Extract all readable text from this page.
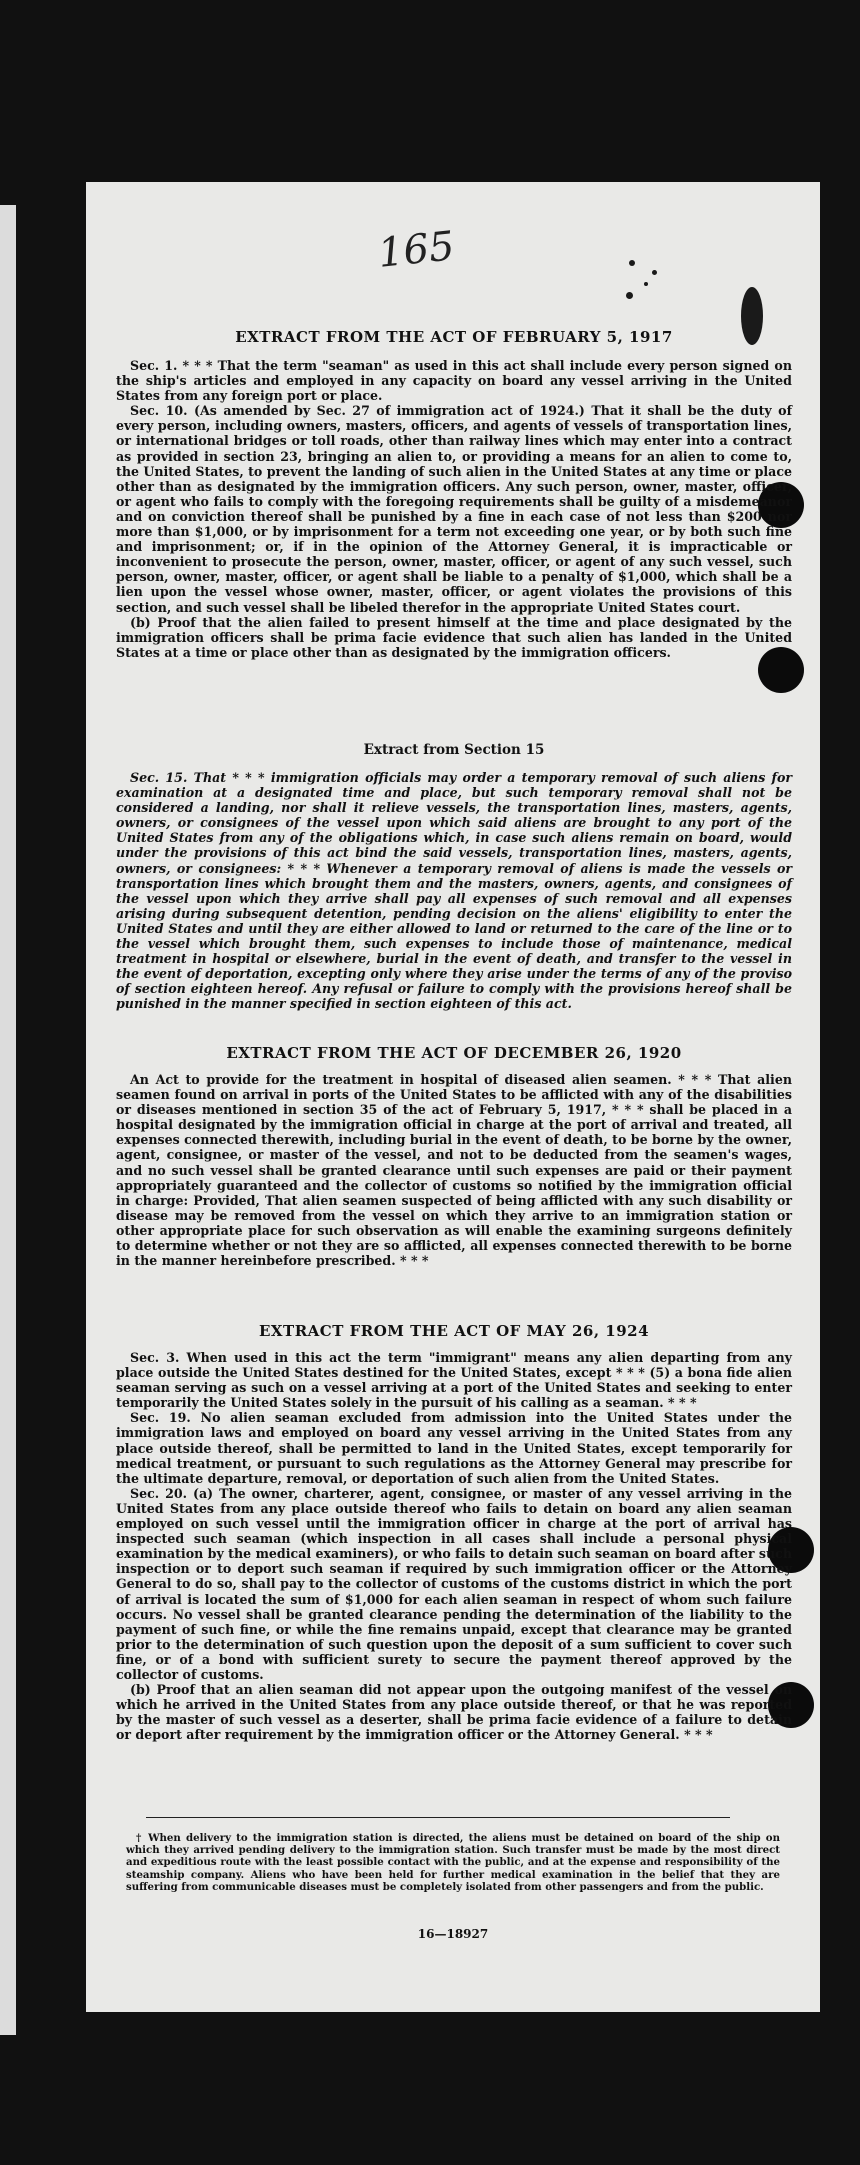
165
EXTRACT FROM THE ACT OF FEBRUARY 5, 1917

Sec. 1. * * * That the term "seaman" as used in this act shall include every person signed on the ship's articles and employed in any capacity on board any vessel arriving in the United States from any foreign port or place.

Sec. 10. (As amended by Sec. 27 of immigration act of 1924.) That it shall be the duty of every person, including owners, masters, officers, and agents of vessels of transportation lines, or international bridges or toll roads, other than railway lines which may enter into a contract as provided in section 23, bringing an alien to, or providing a means for an alien to come to, the United States, to prevent the landing of such alien in the United States at any time or place other than as designated by the immigration officers. Any such person, owner, master, officer, or agent who fails to comply with the foregoing requirements shall be guilty of a misdemeanor and on conviction thereof shall be punished by a fine in each case of not less than $200 nor more than $1,000, or by imprisonment for a term not exceeding one year, or by both such fine and imprisonment; or, if in the opinion of the Attorney General, it is impracticable or inconvenient to prosecute the person, owner, master, officer, or agent of any such vessel, such person, owner, master, officer, or agent shall be liable to a penalty of $1,000, which shall be a lien upon the vessel whose owner, master, officer, or agent violates the provisions of this section, and such vessel shall be libeled therefor in the appropriate United States court.

(b) Proof that the alien failed to present himself at the time and place designated by the immigration officers shall be prima facie evidence that such alien has landed in the United States at a time or place other than as designated by the immigration officers.

Extract from Section 15

Sec. 15. That * * * immigration officials may order a temporary removal of such aliens for examination at a designated time and place, but such temporary removal shall not be considered a landing, nor shall it relieve vessels, the transportation lines, masters, agents, owners, or consignees of the vessel upon which said aliens are brought to any port of the United States from any of the obligations which, in case such aliens remain on board, would under the provisions of this act bind the said vessels, transportation lines, masters, agents, owners, or consignees: * * * Whenever a temporary removal of aliens is made the vessels or transportation lines which brought them and the masters, owners, agents, and consignees of the vessel upon which they arrive shall pay all expenses of such removal and all expenses arising during subsequent detention, pending decision on the aliens' eligibility to enter the United States and until they are either allowed to land or returned to the care of the line or to the vessel which brought them, such expenses to include those of maintenance, medical treatment in hospital or elsewhere, burial in the event of death, and transfer to the vessel in the event of deportation, excepting only where they arise under the terms of any of the proviso of section eighteen hereof. Any refusal or failure to comply with the provisions hereof shall be punished in the manner specified in section eighteen of this act.

EXTRACT FROM THE ACT OF DECEMBER 26, 1920

An Act to provide for the treatment in hospital of diseased alien seamen. * * * That alien seamen found on arrival in ports of the United States to be afflicted with any of the disabilities or diseases mentioned in section 35 of the act of February 5, 1917, * * * shall be placed in a hospital designated by the immigration official in charge at the port of arrival and treated, all expenses connected therewith, including burial in the event of death, to be borne by the owner, agent, consignee, or master of the vessel, and not to be deducted from the seamen's wages, and no such vessel shall be granted clearance until such expenses are paid or their payment appropriately guaranteed and the collector of customs so notified by the immigration official in charge: Provided, That alien seamen suspected of being afflicted with any such disability or disease may be removed from the vessel on which they arrive to an immigration station or other appropriate place for such observation as will enable the examining surgeons definitely to determine whether or not they are so afflicted, all expenses connected therewith to be borne in the manner hereinbefore prescribed. * * *

EXTRACT FROM THE ACT OF MAY 26, 1924

Sec. 3. When used in this act the term "immigrant" means any alien departing from any place outside the United States destined for the United States, except * * * (5) a bona fide alien seaman serving as such on a vessel arriving at a port of the United States and seeking to enter temporarily the United States solely in the pursuit of his calling as a seaman. * * *

Sec. 19. No alien seaman excluded from admission into the United States under the immigration laws and employed on board any vessel arriving in the United States from any place outside thereof, shall be permitted to land in the United States, except temporarily for medical treatment, or pursuant to such regulations as the Attorney General may prescribe for the ultimate departure, removal, or deportation of such alien from the United States.

Sec. 20. (a) The owner, charterer, agent, consignee, or master of any vessel arriving in the United States from any place outside thereof who fails to detain on board any alien seaman employed on such vessel until the immigration officer in charge at the port of arrival has inspected such seaman (which inspection in all cases shall include a personal physical examination by the medical examiners), or who fails to detain such seaman on board after such inspection or to deport such seaman if required by such immigration officer or the Attorney General to do so, shall pay to the collector of customs of the customs district in which the port of arrival is located the sum of $1,000 for each alien seaman in respect of whom such failure occurs. No vessel shall be granted clearance pending the determination of the liability to the payment of such fine, or while the fine remains unpaid, except that clearance may be granted prior to the determination of such question upon the deposit of a sum sufficient to cover such fine, or of a bond with sufficient surety to secure the payment thereof approved by the collector of customs.

(b) Proof that an alien seaman did not appear upon the outgoing manifest of the vessel on which he arrived in the United States from any place outside thereof, or that he was reported by the master of such vessel as a deserter, shall be prima facie evidence of a failure to detain or deport after requirement by the immigration officer or the Attorney General. * * *

† When delivery to the immigration station is directed, the aliens must be detained on board of the ship on which they arrived pending delivery to the immigration station. Such transfer must be made by the most direct and expeditious route with the least possible contact with the public, and at the expense and responsibility of the steamship company. Aliens who have been held for further medical examination in the belief that they are suffering from communicable diseases must be completely isolated from other passengers and from the public.

16—18927
